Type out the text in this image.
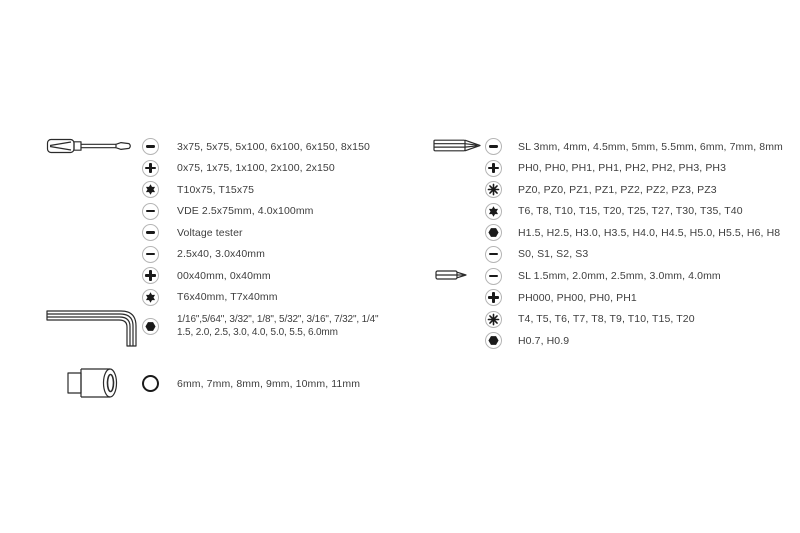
3x75, 5x75, 5x100, 6x100, 6x150, 8x150
0x75, 1x75, 1x100, 2x100, 2x150
T10x75, T15x75
VDE 2.5x75mm, 4.0x100mm
Voltage tester
2.5x40, 3.0x40mm
00x40mm, 0x40mm
T6x40mm, T7x40mm
1/16",5/64", 3/32", 1/8", 5/32", 3/16", 7/32", 1/4"
1.5, 2.0, 2.5, 3.0, 4.0, 5.0, 5.5, 6.0mm
6mm, 7mm, 8mm, 9mm, 10mm, 11mm
SL 3mm, 4mm, 4.5mm, 5mm, 5.5mm, 6mm, 7mm, 8mm
PH0, PH0, PH1, PH1, PH2, PH2, PH3, PH3
PZ0, PZ0, PZ1, PZ1, PZ2, PZ2, PZ3, PZ3
T6, T8, T10, T15, T20, T25, T27, T30, T35, T40
H1.5, H2.5, H3.0, H3.5, H4.0, H4.5, H5.0, H5.5, H6, H8
S0, S1, S2, S3
SL 1.5mm, 2.0mm, 2.5mm, 3.0mm, 4.0mm
PH000, PH00, PH0, PH1
T4, T5, T6, T7, T8, T9, T10, T15, T20
H0.7, H0.9
